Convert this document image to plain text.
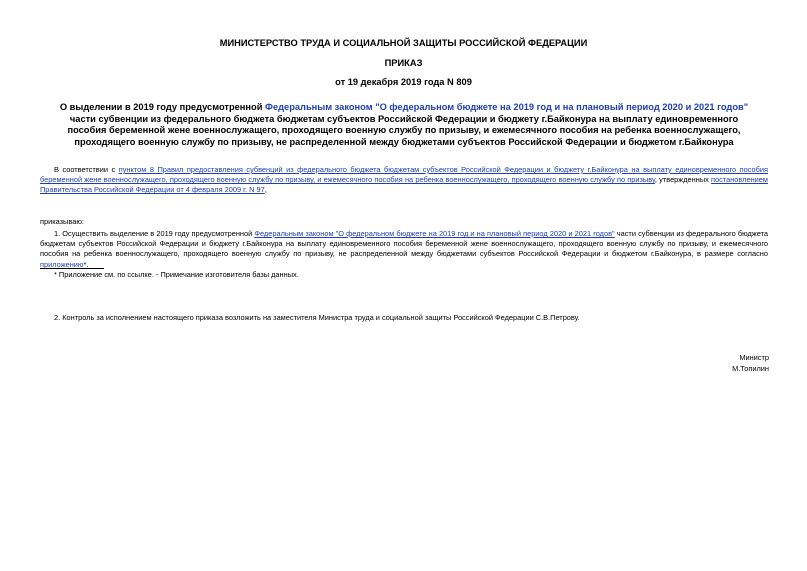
МИНИСТЕРСТВО ТРУДА И СОЦИАЛЬНОЙ ЗАЩИТЫ РОССИЙСКОЙ ФЕДЕРАЦИИ
ПРИКАЗ
от 19 декабря 2019 года N 809
О выделении в 2019 году предусмотренной Федеральным законом "О федеральном бюджете на 2019 год и на плановый период 2020 и 2021 годов" части субвенции из федерального бюджета бюджетам субъектов Российской Федерации и бюджету г.Байконура на выплату единовременного пособия беременной жене военнослужащего, проходящего военную службу по призыву, и ежемесячного пособия на ребенка военнослужащего, проходящего военную службу по призыву, не распределенной между бюджетами субъектов Российской Федерации и бюджетом г.Байконура
В соответствии с пунктом 8 Правил предоставления субвенций из федерального бюджета бюджетам субъектов Российской Федерации и бюджету г.Байконура на выплату единовременного пособия беременной жене военнослужащего, проходящего военную службу по призыву, и ежемесячного пособия на ребенка военнослужащего, проходящего военную службу по призыву, утвержденных постановлением Правительства Российской Федерации от 4 февраля 2009 г. N 97,
приказываю:
1. Осуществить выделение в 2019 году предусмотренной Федеральным законом "О федеральном бюджете на 2019 год и на плановый период 2020 и 2021 годов" части субвенции из федерального бюджета бюджетам субъектов Российской Федерации и бюджету г.Байконура на выплату единовременного пособия беременной жене военнослужащего, проходящего военную службу по призыву, и ежемесячного пособия на ребенка военнослужащего, проходящего военную службу по призыву, не распределенной между бюджетами субъектов Российской Федерации и бюджетом г.Байконура, в размере согласно приложению*.
* Приложение см. по ссылке. - Примечание изготовителя базы данных.
2. Контроль за исполнением настоящего приказа возложить на заместителя Министра труда и социальной защиты Российской Федерации С.В.Петрову.
Министр
М.Топилин
